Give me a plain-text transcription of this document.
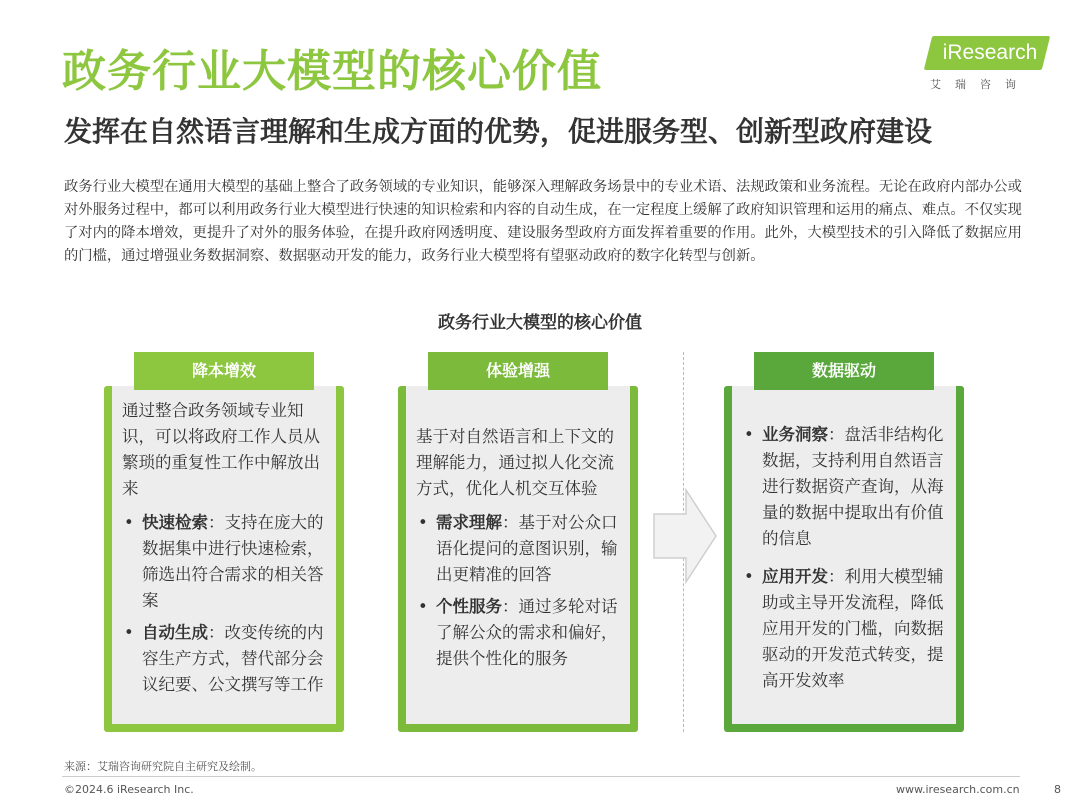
政务行业大模型的核心价值
发挥在自然语言理解和生成方面的优势，促进服务型、创新型政府建设
iResearch
艾瑞咨询

政务行业大模型在通用大模型的基础上整合了政务领域的专业知识，能够深入理解政务场景中的专业术语、法规政策和业务流程。无论在政府内部办公或对外服务过程中，都可以利用政务行业大模型进行快速的知识检索和内容的自动生成，在一定程度上缓解了政府知识管理和运用的痛点、难点。不仅实现了对内的降本增效，更提升了对外的服务体验，在提升政府网透明度、建设服务型政府方面发挥着重要的作用。此外，大模型技术的引入降低了数据应用的门槛，通过增强业务数据洞察、数据驱动开发的能力，政务行业大模型将有望驱动政府的数字化转型与创新。

政务行业大模型的核心价值
降本增效

通过整合政务领域专业知识，可以将政府工作人员从繁琐的重复性工作中解放出来

• 快速检索：支持在庞大的数据集中进行快速检索，筛选出符合需求的相关答案
• 自动生成：改变传统的内容生产方式，替代部分会议纪要、公文撰写等工作
体验增强

基于对自然语言和上下文的理解能力，通过拟人化交流方式，优化人机交互体验

• 需求理解：基于对公众口语化提问的意图识别，输出更精准的回答
• 个性服务：通过多轮对话了解公众的需求和偏好，提供个性化的服务
数据驱动
• 业务洞察：盘活非结构化数据，支持利用自然语言进行数据资产查询，从海量的数据中提取出有价值的信息
• 应用开发：利用大模型辅助或主导开发流程，降低应用开发的门槛，向数据驱动的开发范式转变，提高开发效率
来源：艾瑞咨询研究院自主研究及绘制。
©2024.6 iResearch Inc.	www.iresearch.com.cn	8
